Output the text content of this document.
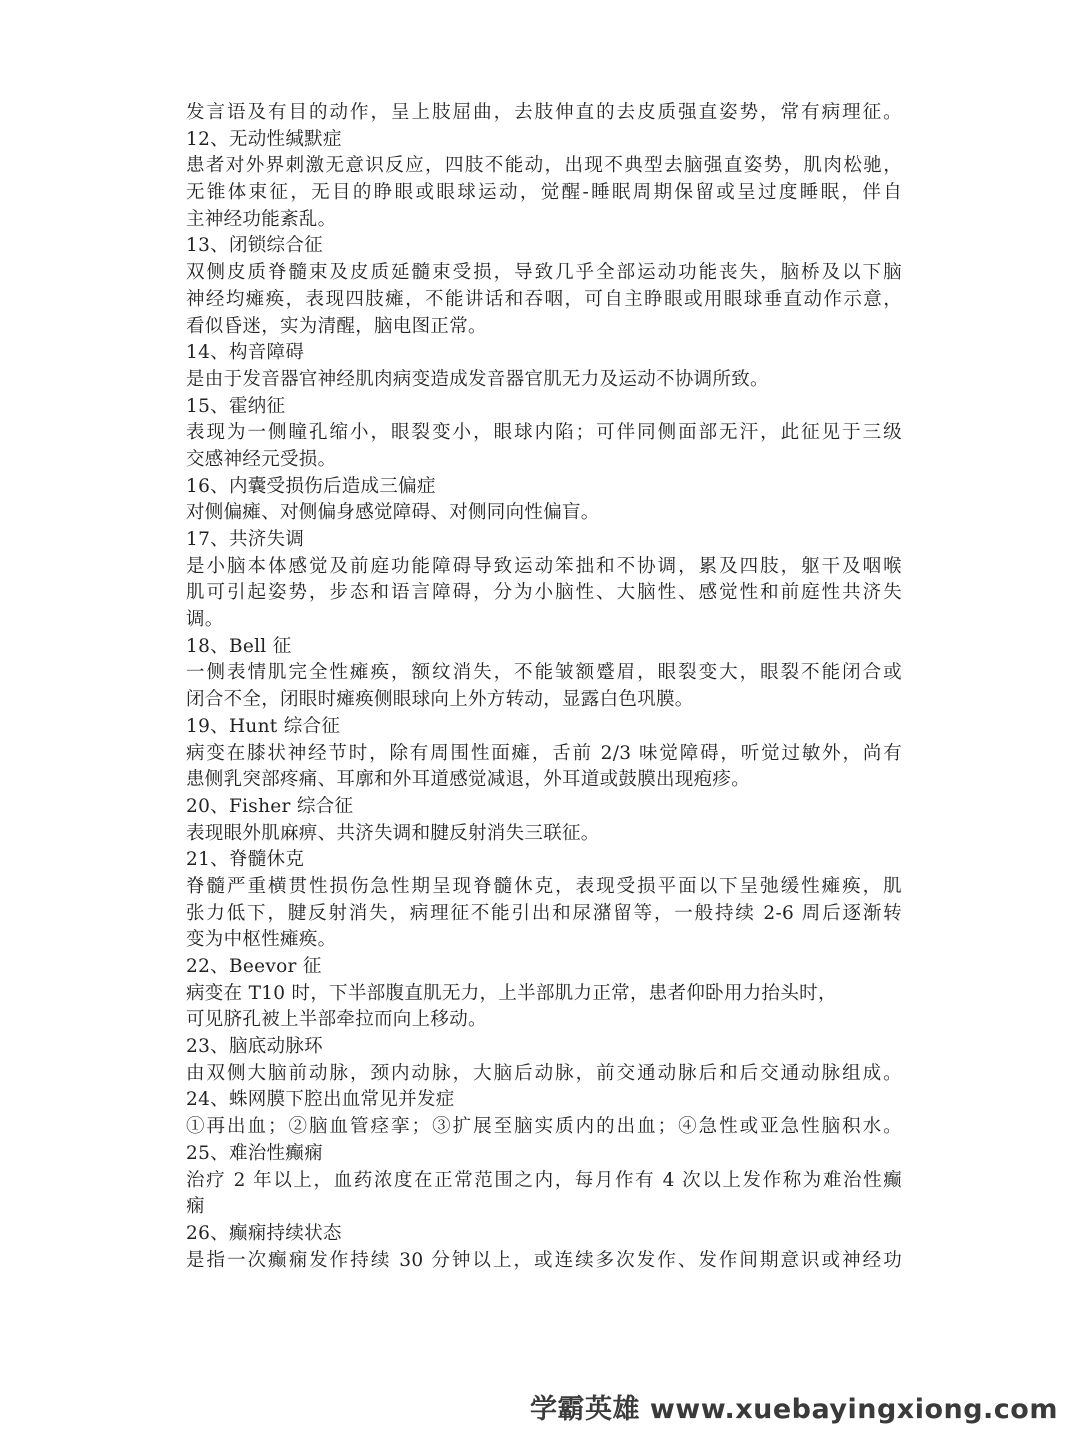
发言语及有目的动作，呈上肢屈曲，去肢伸直的去皮质强直姿势，常有病理征。
12、无动性缄默症
患者对外界刺激无意识反应，四肢不能动，出现不典型去脑强直姿势，肌肉松驰，
无锥体束征，无目的睁眼或眼球运动，觉醒-睡眠周期保留或呈过度睡眠，伴自
主神经功能紊乱。
13、闭锁综合征
双侧皮质脊髓束及皮质延髓束受损，导致几乎全部运动功能丧失，脑桥及以下脑
神经均瘫痪，表现四肢瘫，不能讲话和吞咽，可自主睁眼或用眼球垂直动作示意，
看似昏迷，实为清醒，脑电图正常。
14、构音障碍
是由于发音器官神经肌肉病变造成发音器官肌无力及运动不协调所致。
15、霍纳征
表现为一侧瞳孔缩小，眼裂变小，眼球内陷；可伴同侧面部无汗，此征见于三级
交感神经元受损。
16、内囊受损伤后造成三偏症
对侧偏瘫、对侧偏身感觉障碍、对侧同向性偏盲。
17、共济失调
是小脑本体感觉及前庭功能障碍导致运动笨拙和不协调，累及四肢，躯干及咽喉
肌可引起姿势，步态和语言障碍，分为小脑性、大脑性、感觉性和前庭性共济失
调。
18、Bell 征
一侧表情肌完全性瘫痪，额纹消失，不能皱额蹙眉，眼裂变大，眼裂不能闭合或
闭合不全，闭眼时瘫痪侧眼球向上外方转动，显露白色巩膜。
19、Hunt 综合征
病变在膝状神经节时，除有周围性面瘫，舌前 2/3 味觉障碍，听觉过敏外，尚有
患侧乳突部疼痛、耳廓和外耳道感觉减退，外耳道或鼓膜出现疱疹。
20、Fisher 综合征
表现眼外肌麻痹、共济失调和腱反射消失三联征。
21、脊髓休克
脊髓严重横贯性损伤急性期呈现脊髓休克，表现受损平面以下呈弛缓性瘫痪，肌
张力低下，腱反射消失，病理征不能引出和尿潴留等，一般持续 2-6 周后逐渐转
变为中枢性瘫痪。
22、Beevor 征
病变在 T10 时，下半部腹直肌无力，上半部肌力正常，患者仰卧用力抬头时，
可见脐孔被上半部牵拉而向上移动。
23、脑底动脉环
由双侧大脑前动脉，颈内动脉，大脑后动脉，前交通动脉后和后交通动脉组成。
24、蛛网膜下腔出血常见并发症
①再出血；②脑血管痉挛；③扩展至脑实质内的出血；④急性或亚急性脑积水。
25、难治性癫痫
治疗 2 年以上，血药浓度在正常范围之内，每月作有 4 次以上发作称为难治性癫
痫
26、癫痫持续状态
是指一次癫痫发作持续 30 分钟以上，或连续多次发作、发作间期意识或神经功
学霸英雄 www.xuebayingxiong.com
